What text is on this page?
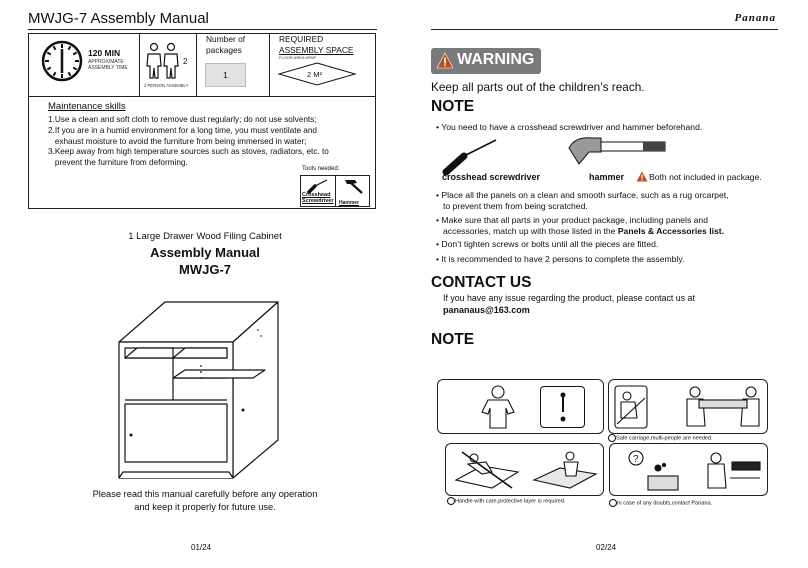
MWJG-7 Assembly Manual
120 MIN
APPROXIMATE
ASSEMBLY TIME
2
2 PERSON ASSEMBLY
Number of
packages
1
REQUIRED
ASSEMBLY SPACE
FLOOR AREA M²/M²
2 M²
Tools needed:
Crosshead Screwdriver	Hammer
Maintenance skills
1.Use a clean and soft cloth to remove dust regularly; do not use solvents;
2.If you are in a humid environment for a long time, you must ventilate and
exhaust moisture to avoid the furniture from being immersed in water;
3.Keep away from high temperature sources such as stoves, radiators, etc. to
prevent the furniture from deforming.
1 Large Drawer Wood Filing Cabinet
Assembly Manual
MWJG-7
Please read this manual carefully before any operation
and keep it properly for future use.
01/24
Panana
WARNING
Keep all parts out of the children’s reach.
NOTE
• You need to have a crosshead screwdriver and hammer beforehand.
crosshead screwdriver	hammer	Both not included in package.
• Place all the panels on a clean and smooth surface, such as a rug orcarpet,
to prevent them from being scratched.
• Make sure that all parts in your product package, including panels and
accessories, match up with those listed in the Panels & Accessories list.
• Don’t tighten screws or bolts until all the pieces are fitted.
• It is recommended to have 2 persons to complete the assembly.
CONTACT US
If you have any issue regarding the product, please contact us at
pananaus@163.com
NOTE
Safe carriage,multi-people are needed.
Handle with care,protective layer is required.
?
In case of any doubts,contact Panana.
02/24
